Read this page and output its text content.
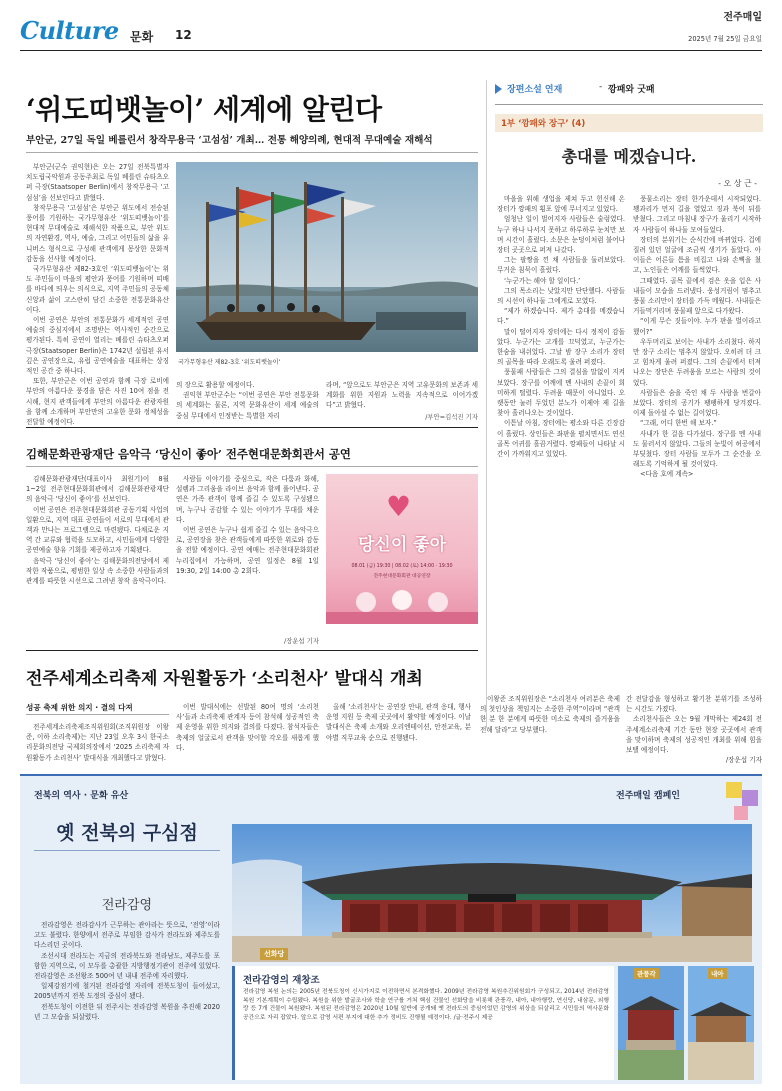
Culture 문화 12
전주매일
2025년 7월 25일 금요일
‘위도띠뱃놀이’ 세계에 알린다
부안군, 27일 독일 베를린서 창작무용극 ‘고섬섬’ 개최… 전통 해양의례, 현대적 무대예술 재해석

부안군(군수 권익현)은 오는 27일 전북특별자치도립국악원과 공동주최로 독일 베를린 슈타츠오퍼 극장(Staatsoper Berlin)에서 창작무용극 ‘고섬섬’을 선보인다고 밝혔다.

창작무용극 ‘고섬섬’은 부안군 위도에서 전승된 풍어를 기원하는 국가무형유산 ‘위도띠뱃놀이’를 현대적 무대예술로 재해석한 작품으로, 부안 위도의 자연환경, 역사, 예술, 그리고 어민들의 삶을 유니버스 형식으로 구성해 관객에게 몽상한 문화적 감동을 선사할 예정이다.

국가무형유산 제82-3호인 ‘위도띠뱃놀이’는 위도 주민들이 마을의 평안과 풍어를 기원하며 띠배를 바다에 띄우는 의식으로, 지역 주민들의 공동체 신앙과 삶이 고스란히 담긴 소중한 전통문화유산이다.

이번 공연은 부안의 전통문화가 세계적인 공연예술의 중심지에서 조명받는 역사적인 순간으로 평가된다. 특히 공연이 열리는 베를린 슈타츠오퍼 극장(Staatsoper Berlin)은 1742년 설립된 유서 깊은 공연장으로, 유럽 공연예술을 대표하는 상징적인 공간 중 하나다.

또한, 부안군은 이번 공연과 함께 극장 로비에 부안의 아름다운 풍경을 담은 사진 10여 점을 전시해, 현지 관객들에게 부안의 아름다운 관광자원을 함께 소개하며 부안만의 고유한 문화 정체성을 전달할 예정이다.

국가무형유산 제82-3호 ‘위도띠뱃놀이’

의 장으로 활용할 예정이다.

권익현 부안군수는 “이번 공연은 부안 전통문화의 세계화는 물론, 지역 문화유산이 세계 예술의 중심 무대에서 인정받는 특별한 자리

라며, “앞으로도 부안군은 지역 고유문화의 보존과 세계화를 위한 지원과 노력을 지속적으로 이어가겠다”고 밝혔다.

/부안=김석진 기자
장편소설 연재	- 깡패와 굿패
1부 ‘깡패와 장구’ (4)
총대를 메겠습니다.
- 오 상 근 -

마을을 위해 생업을 제쳐 두고 헌신해 온 장터가 깡패의 횡포 앞에 무너지고 있었다.

엄청난 일이 벌어지자 사람들은 술렁였다. 누구 하나 나서지 못하고 하루하루 눈치만 보며 시간이 흘렀다. 소문은 눈덩이처럼 불어나 장터 곳곳으로 퍼져 나갔다.

그는 팔짱을 낀 채 사람들을 둘러보았다. 무거운 침묵이 흘렀다.

‘누군가는 해야 할 일이다.’

그의 목소리는 낮았지만 단단했다. 사람들의 시선이 하나둘 그에게로 모였다.

“제가 하겠습니다. 제가 총대를 메겠습니다.”

말이 떨어지자 장터에는 다시 정적이 감돌았다. 누군가는 고개를 끄덕였고, 누군가는 한숨을 내쉬었다. 그날 밤 장구 소리가 장터의 골목을 따라 오래도록 울려 퍼졌다.

풍물패 사람들은 그의 결심을 말없이 지켜보았다. 장구를 어깨에 멘 사내의 손끝이 희미하게 떨렸다. 두려움 때문이 아니었다. 오랫동안 눌러 두었던 분노가 이제야 제 길을 찾아 흘러나오는 것이었다.

이튿날 아침, 장터에는 평소와 다른 긴장감이 흘렀다. 상인들은 좌판을 펼치면서도 연신 골목 어귀를 흘끔거렸다. 깡패들이 나타날 시간이 가까워지고 있었다.

풍물소리는 장터 한가운데서 시작되었다. 꽹과리가 먼저 길을 열었고 징과 북이 뒤를 받쳤다. 그리고 마침내 장구가 울리기 시작하자 사람들이 하나둘 모여들었다.

장터의 분위기는 순식간에 바뀌었다. 겁에 질려 있던 얼굴에 조금씩 생기가 돌았다. 아이들은 어른들 틈을 비집고 나와 손뼉을 쳤고, 노인들은 어깨를 들썩였다.

그때였다. 골목 끝에서 검은 옷을 입은 사내들이 모습을 드러냈다. 웅성거림이 멈추고 풍물 소리만이 장터를 가득 메웠다. 사내들은 거들먹거리며 풍물패 앞으로 다가왔다.

“이게 무슨 짓들이야. 누가 판을 벌이라고 했어?”

우두머리로 보이는 사내가 소리쳤다. 하지만 장구 소리는 멈추지 않았다. 오히려 더 크고 힘차게 울려 퍼졌다. 그의 손끝에서 터져 나오는 장단은 두려움을 모르는 사람의 것이었다.

사람들은 숨을 죽인 채 두 사람을 번갈아 보았다. 장터의 공기가 팽팽하게 당겨졌다. 이제 돌아설 수 없는 길이었다.

“그래, 어디 한번 해 보자.”

사내가 한 걸음 다가섰다. 장구를 멘 사내도 물러서지 않았다. 그들의 눈빛이 허공에서 부딪쳤다. 장터 사람들 모두가 그 순간을 오래도록 기억하게 될 것이었다.

<다음 호에 계속>

김해문화관광재단 음악극 ‘당신이 좋아’ 전주현대문화회관서 공연

김해문화관광재단(대표이사 최원기)이 8월 1~2일 전주현대문화회관에서 김해문화관광재단의 음악극 ‘당신이 좋아’를 선보인다.

이번 공연은 전주현대문화회관 공동기획 사업의 일환으로, 지역 대표 공연들이 서로의 무대에서 관객과 만나는 프로그램으로 마련됐다. 다채로운 지역 간 교류와 협력을 도모하고, 시민들에게 다양한 공연예술 향유 기회를 제공하고자 기획됐다.

음악극 ‘당신이 좋아’는 김해문화의전당에서 제작한 작품으로, 평범한 일상 속 소중한 사람들과의 관계를 따뜻한 시선으로 그려낸 창작 음악극이다.

사람들 이야기를 중심으로, 작은 다툼과 화해, 설렘과 그리움을 라이브 음악과 함께 풀어낸다. 공연은 가족 관객이 함께 즐길 수 있도록 구성됐으며, 누구나 공감할 수 있는 이야기가 무대를 채운다.

이번 공연은 누구나 쉽게 즐길 수 있는 음악극으로, 공연장을 찾은 관객들에게 따뜻한 위로와 감동을 전할 예정이다. 공연 예매는 전주현대문화회관 누리집에서 가능하며, 공연 일정은 8월 1일 19:30, 2일 14:00 총 2회다.

♥
당신이 좋아
08.01 (금) 19:30 | 08.02 (토) 14:00 · 19:30
전주현대문화회관 대공연장
/장운섭 기자
전주세계소리축제 자원활동가 ‘소리천사’ 발대식 개최
성공 축제 위한 의지 · 결의 다져

전주세계소리축제조직위원회(조직위원장 이왕준, 이하 소리축제)는 지난 23일 오후 3시 한국소리문화의전당 국제회의장에서 ‘2025 소리축제 자원활동가 소리천사’ 발대식을 개최했다고 밝혔다.

이번 발대식에는 선발된 80여 명의 ‘소리천사’들과 소리축제 관계자 등이 참석해 성공적인 축제 운영을 위한 의지와 결의를 다졌다. 참석자들은 축제의 얼굴로서 관객을 맞이할 각오를 새롭게 했다.

올해 ‘소리천사’는 공연장 안내, 관객 응대, 행사 운영 지원 등 축제 곳곳에서 활약할 예정이다. 이날 발대식은 축제 소개와 오리엔테이션, 안전교육, 분야별 직무교육 순으로 진행됐다.

이왕준 조직위원장은 “소리천사 여러분은 축제의 첫인상을 책임지는 소중한 주역”이라며 “관객 한 분 한 분에게 따뜻한 미소로 축제의 즐거움을 전해 달라”고 당부했다.

간 전달감을 형성하고 활기찬 분위기를 조성하는 시간도 가졌다.

소리천사들은 오는 9월 개막하는 제24회 전주세계소리축제 기간 동안 현장 곳곳에서 관객을 맞이하며 축제의 성공적인 개최를 위해 힘을 보탤 예정이다.

/장운섭 기자

전북의 역사 · 문화 유산
옛 전북의 구심점
전라감영

전라감영은 전라감사가 근무하는 관아라는 뜻으로, ‘전영’이라고도 불렸다. 한양에서 전주로 부임한 감사가 전라도와 제주도를 다스리던 곳이다.

조선시대 전라도는 지금의 전라북도와 전라남도, 제주도를 포함한 지역으로, 이 모두를 총괄한 지방행정기관이 전주에 있었다. 전라감영은 조선왕조 500여 년 내내 전주에 자리했다.

일제강점기에 철거된 전라감영 자리에 전북도청이 들어섰고, 2005년까지 전북 도정의 중심이 됐다.

전북도청이 이전한 뒤 전주시는 전라감영 복원을 추진해 2020년 그 모습을 되살렸다.

전주매일 캠페인
선화당
전라감영의 재창조
전라감영 복원 논의는 2005년 전북도청이 신시가지로 이전하면서 본격화했다. 2009년 전라감영 복원추진위원회가 구성되고, 2014년 전라감영 복원 기본계획이 수립됐다. 복원을 위한 발굴조사와 학술 연구를 거쳐 핵심 건물인 선화당을 비롯해 관풍각, 내아, 내아행랑, 연신당, 내삼문, 외행랑 등 7개 건물이 복원됐다. 복원된 전라감영은 2020년 10월 일반에 공개돼 옛 전라도의 중심이었던 감영의 위상을 되살리고 시민들의 역사문화 공간으로 자리 잡았다. 앞으로 감영 서편 부지에 대한 추가 정비도 진행될 예정이다. /글·전주시 제공
관풍각	내아
